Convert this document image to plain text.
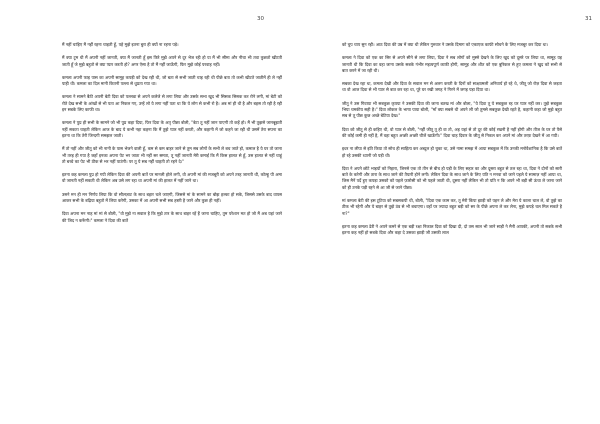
30

मैं नहीं चाहिए मैं नहीं रहना चाहती हूँ, पहे मुझे इतना बुरा ही क्यों ना रहना पड़े।

मैं क्या टूम थी मैं अपनी नहीं जानती, क्या मैं जानती हूँ इस फिरे मुझे अपने से दूर भेज रही हो या मैं भी सीमा और नीचा भी तवा कुछतो खीटती जाती हूँ जे मुझे बहुतो से क्या प्यार करती हो? अगर ऐसा है तो मैं नहीं जाऊँगी, फिर मुझे कोई परवाह नहीं।

कमला अपनी फाइ पास का अपनी सामूह कपड़ी को देख रही थी, जो बता से सभी जाती चाह रही थी पीछे बता तो कभी खीटते जातीमें ही ले नहीं पाही थी। कमला का दिल मानी कितनी पल्ला से धुप्रता गया था।

कमला ने सामने बैठी अपनी बेटी दिवा को पल्लडा से अपने कलेजे से लगा लिया और उसके सभा खुद भी सिसक सिसक कर रोने लगी, मां बेटी को रोते देख सभी के आंखों से भी पता आ निकल गए, उन्हें लो ये लगा नहीं पता था कि ये लोग से कभी रो है। अब मां ही थी है और बहस तो रही है रही इन सबके लिए काफी था।

कमला ने पुप्र ही सभी के सामने जो भी पुप्र कहा दिया, फिर दिवा के अतृ पीछा बोली, "बेटा तू नहीं जान पाएगी तो कहें हो। मैं भी तुझसे जानबूझती नहीं सकता चाहती लेकिन आज के बाद ये कभी नहा कहना कि मैं तुझे प्यार नहीं करती, और कहानी में जो कहने जा रही थी उसमें तेरा सपना का इतना था कि तेरी जिन्दगी समझल जाती।

मैं तो नहीं और जीतू को भी नानी के पास भेजने वाली हूँ, कम से कम बाहर जाने से तुम सब लोगों के सभी ले बच जाते हो, कमाल है ये घर तो जाना भी तरह ही गया है जहाँ इनका अपना पेट भर जाता भी नहीं सर समता, तू नहीं जानती मेरी कमाई कि मैं किस हालत से हूँ, उस हालत से नहीं चाहूं तो बच्चे का पेट भी ठीक से भर नहीं पाउंगी। पर तू ये सब नहीं चाहती तो रहने दे।"

इतना कह कमला पुप्र हो गयी लेकिन दिवा की अपनी बातें पर मानली होले लगी, वो अपनी मां की मजबूरी को अपने तरह जानती थी, कोल्हू पी अमा वो जानती नहीं सकती थी लेकिन अब उसे लग रहा था अपनी मां की हालत में नहीं जाने था।

उसने मन ही मन निर्णय लिया कि वो सौलज़ाट के साथ बहार चले जाएगी, जिससे मां के सामने का बोझ हल्का हो सके, जिससे उसके बाद वापस आकर सभी के बढ़िया बहुतो में लिया करेगी, उसका में आ अपनी सभी सब हस्ती है जाने और कुछ ही नहीं।

दिवा अपना मन नाह मां मां से बोली, "वो मुझे ना सवाल है कि मुझे तार के साथ बाहर रहें हैं जाना चाहिए, तुम परेशान मत हो जो मैं अब यहां जाने की जिद न करूँगी।" कमला ने दिवा की बातें

31

को चुप चाप सुन रही। आठ दिवा की उम्र में क्या थी लेकिन गुरुवार ने उसके दिमाग को एकाएक काफी सोचने के लिए मजबूर कर दिया था।

कमला ने दिवा को एक का सिर से अपने सीने से लगा लिया, दिवा ने सब लोगों को मुस्से देखने के लिए खुद को दूसरे पर लिया था, सामूह यह जानती थी कि दिवा का वहा जाना उसके सबके गंभीर महत्वपूर्ण काफी होगी, सामूह और शीत को एक बुरिकल से हुए कमला ने खुद को सभी से बात करने में जा रही थी।

सबका देख रहा था, कमला देखी और दिवा के सवाल मन से अलग करती के दिनों को साक्षात्मली अनिवार्य हो रहे थे, जीतू जो रोज़ दिवा से जड़ता था वो आज दिवा से भी प्यार से बात कर रहा था, पूरे घर रखी जगह ने गिरने में जगह पड़ा दिया था।

जीतू ने उस गिवाया भी सबकुछ कृपया ने उसकी दिवा की जाना बतख मां और बोला, "ये दिवा तू ये सबकुछ रह घर प्यार नहीं कर। तुझे सबकुछ भिया चमकीय सही है।" दिवा लोकल के भाषा पाया बोली, "माँ क्या सबसे थी अपने ली जो तुमसे सबकुछ देखी रहते है, कहानी कहा जो मुझे बहुत सब से तू पीछ कुछ अच्छे बेटिया देख।"

दिवा को जीतू से ही कहिए थी, वो प्यार से बोली, "नहीं जीतू तू ही वा तो, अह यहां से तो दूर की कोई रखनी है नहीं होगी और तीज के घर तो पैसे की कोई कमी ही नहीं है, मैं वहा बहुत अच्छी अच्छी चीजें खाऊँगी।" दिवा चाह दिवार के जीतू से निकल कर अपने मां और तरफ़ देखने में आ गयी।

इधर ना लीपा से इति किया तो सोच ही साहित्य कर अब्दुल हो चुका था, उसे नामा समझ में आया सबकुछ में कि उनकी मनोवैशानिक है कि उसे बातें हो रहे उसकी ध्यानी जो पड़ी थी।

दिवा ने अपने छोटे भाइयों को निहारा, जिनसे एक तो तीन से बीच हो पड़ी के लिए सहार का और दूसरा बहुत से तल रहा था, दिवा ने दोनों को सारी बाते के करेगी और तारा के साथ जाने की तैयारी होने लगी। लेकिन दिवा के साथ जाने के लिए यति न मनवा को जाने पहले ये सामाज़ नहीं आया था, जिस मैनें पर्दे हुए कपड़ा उसको को पहले फ़ारोसी को भी पहले जाती थी, दूसरा नहीं लेकिन भी तो यति न कि अपने भी बड़ी सी ऊंचा ले जाना जाने को ही उनके पड़ी रहने से आ जी से जाने पीछा।

मां कमला बेटी की इस टूटिया को सबसकपी थी, बोली, "दिवा एक काम कर, तू मेरी किंपा झाड़ी को पहन ले और मेरा ये काला चाल ले, वो तुझे का ठीक भी रहेगी और ये बाहर से तुझे ठंड से भी बचाएगा। वहाँ पर ज्यादा बहुत बड़ी को सर के पीछे अपना ले कर लेना, मुझे कपड़े चल मिल सकते है ना?"

इतना कह कमला ढेरी ने अपने कमरे से एक बड़ी रक्षा निकाल दिवा को दिखा दी, दो तस साल भी जाने साड़ी ने मैनी आपकी, अपनी तो सबके सभी इतना कह नहीं हो सबके दिवा और कहा दे उसका झाड़ी जी उसकी लाल
